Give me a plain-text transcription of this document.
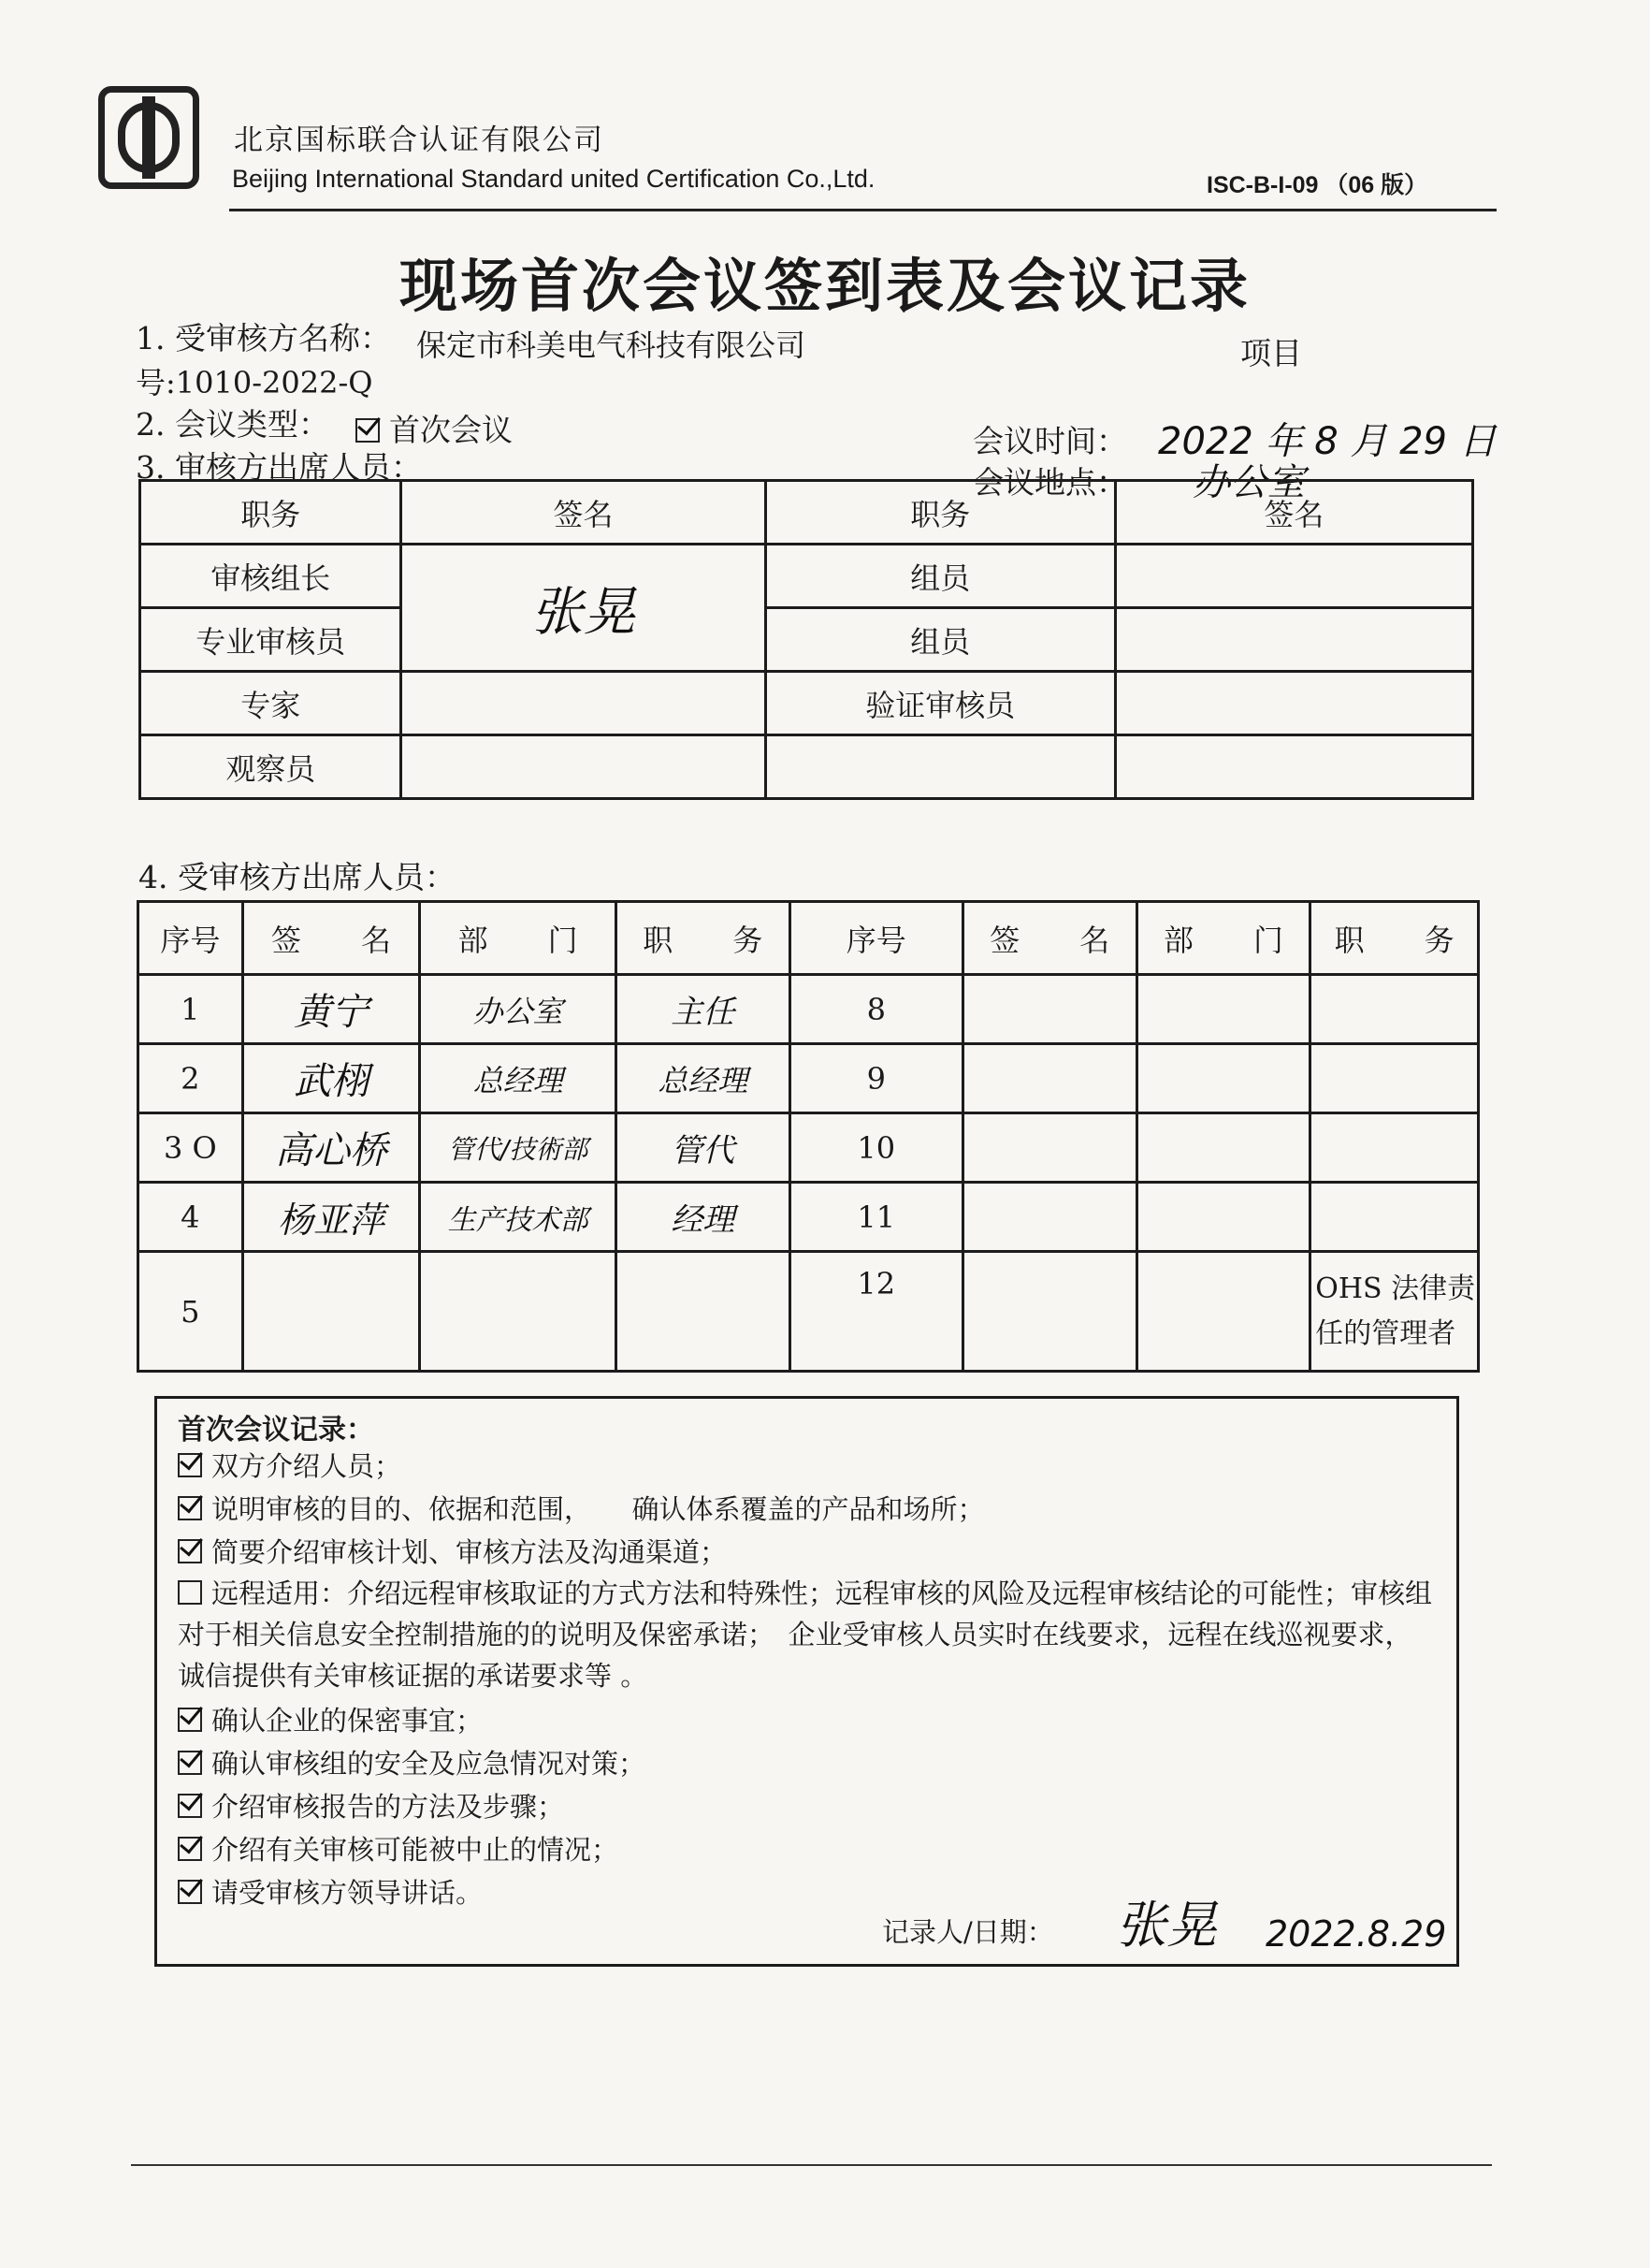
北京国标联合认证有限公司
Beijing International Standard united Certification Co.,Ltd.	ISC-B-I-09 （06 版）
现场首次会议签到表及会议记录
1. 受审核方名称： 保定市科美电气科技有限公司	项目
号:1010-2022-Q
2. 会议类型：	首次会议	会议时间： 2022 年 8 月 29 日
3. 审核方出席人员：	会议地点： 办公室
职务	签名	职务	签名
审核组长	张晃	组员	
专业审核员		组员	
专家		验证审核员	
观察员			
4. 受审核方出席人员：
序号	签　　名	部　　门	职　　务	序号	签　　名	部　　门	职　　务
1	黄宁	办公室	主任	8			
2	武栩	总经理	总经理	9			
3 O	高心桥	管代/技術部	管代	10			
4	杨亚萍	生产技术部	经理	11			
5				12			OHS 法律责任的管理者
首次会议记录：
双方介绍人员；
说明审核的目的、依据和范围，　　确认体系覆盖的产品和场所；
简要介绍审核计划、审核方法及沟通渠道；
远程适用：介绍远程审核取证的方式方法和特殊性；远程审核的风险及远程审核结论的可能性；审核组对于相关信息安全控制措施的的说明及保密承诺；　企业受审核人员实时在线要求，远程在线巡视要求，诚信提供有关审核证据的承诺要求等 。
确认企业的保密事宜；
确认审核组的安全及应急情况对策；
介绍审核报告的方法及步骤；
介绍有关审核可能被中止的情况；
请受审核方领导讲话。
记录人/日期： 张晃 2022.8.29
